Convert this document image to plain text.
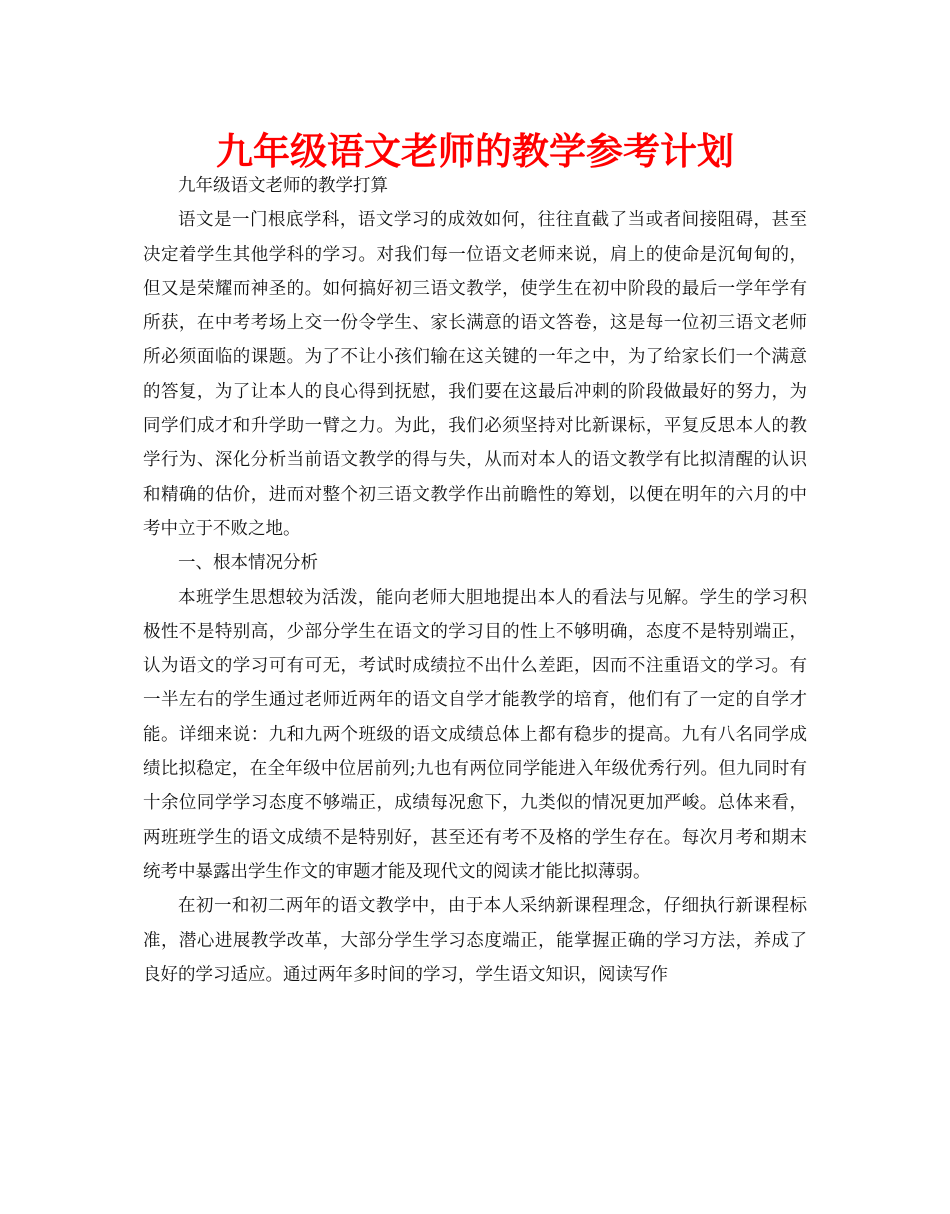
九年级语文老师的教学参考计划

九年级语文老师的教学打算

语文是一门根底学科，语文学习的成效如何，往往直截了当或者间接阻碍，甚至决定着学生其他学科的学习。对我们每一位语文老师来说，肩上的使命是沉甸甸的，但又是荣耀而神圣的。如何搞好初三语文教学，使学生在初中阶段的最后一学年学有所获，在中考考场上交一份令学生、家长满意的语文答卷，这是每一位初三语文老师所必须面临的课题。为了不让小孩们输在这关键的一年之中，为了给家长们一个满意的答复，为了让本人的良心得到抚慰，我们要在这最后冲刺的阶段做最好的努力，为同学们成才和升学助一臂之力。为此，我们必须坚持对比新课标，平复反思本人的教学行为、深化分析当前语文教学的得与失，从而对本人的语文教学有比拟清醒的认识和精确的估价，进而对整个初三语文教学作出前瞻性的筹划，以便在明年的六月的中考中立于不败之地。

一、根本情况分析

本班学生思想较为活泼，能向老师大胆地提出本人的看法与见解。学生的学习积极性不是特别高，少部分学生在语文的学习目的性上不够明确，态度不是特别端正，认为语文的学习可有可无，考试时成绩拉不出什么差距，因而不注重语文的学习。有一半左右的学生通过老师近两年的语文自学才能教学的培育，他们有了一定的自学才能。详细来说：九和九两个班级的语文成绩总体上都有稳步的提高。九有八名同学成绩比拟稳定，在全年级中位居前列;九也有两位同学能进入年级优秀行列。但九同时有十余位同学学习态度不够端正，成绩每况愈下，九类似的情况更加严峻。总体来看，两班班学生的语文成绩不是特别好，甚至还有考不及格的学生存在。每次月考和期末统考中暴露出学生作文的审题才能及现代文的阅读才能比拟薄弱。

在初一和初二两年的语文教学中，由于本人采纳新课程理念，仔细执行新课程标准，潜心进展教学改革，大部分学生学习态度端正，能掌握正确的学习方法，养成了良好的学习适应。通过两年多时间的学习，学生语文知识，阅读写作
